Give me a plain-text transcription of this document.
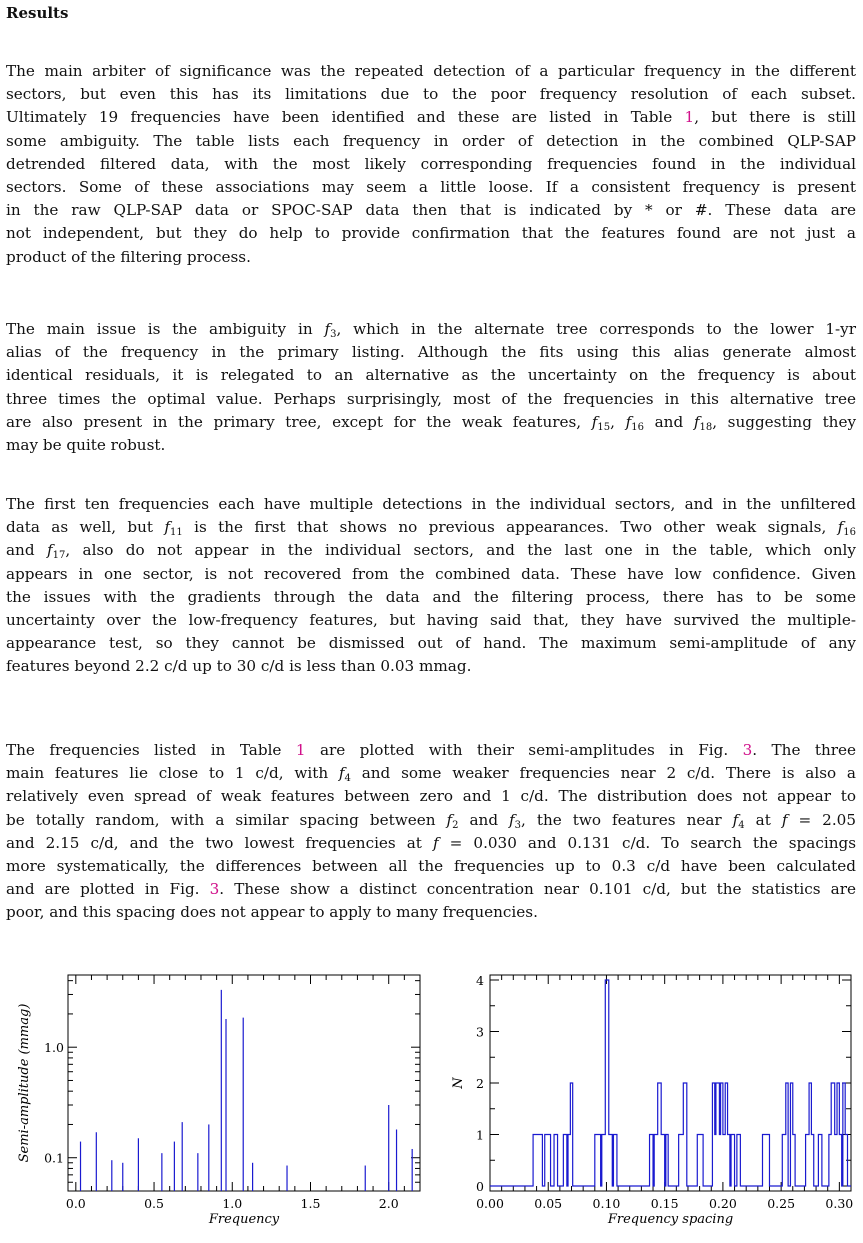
Results
The main arbiter of significance was the repeated detection of a particular frequency in the different
sectors, but even this has its limitations due to the poor frequency resolution of each subset.
Ultimately 19 frequencies have been identified and these are listed in Table 1, but there is still
some ambiguity. The table lists each frequency in order of detection in the combined QLP-SAP
detrended filtered data, with the most likely corresponding frequencies found in the individual
sectors. Some of these associations may seem a little loose. If a consistent frequency is present
in the raw QLP-SAP data or SPOC-SAP data then that is indicated by * or #. These data are
not independent, but they do help to provide confirmation that the features found are not just a
product of the filtering process.
The main issue is the ambiguity in $f_3$, which in the alternate tree corresponds to the lower 1-yr
alias of the frequency in the primary listing. Although the fits using this alias generate almost
identical residuals, it is relegated to an alternative as the uncertainty on the frequency is about
three times the optimal value. Perhaps surprisingly, most of the frequencies in this alternative tree
are also present in the primary tree, except for the weak features, $f_{15}$, $f_{16}$ and $f_{18}$, suggesting they
may be quite robust.
The first ten frequencies each have multiple detections in the individual sectors, and in the unfiltered
data as well, but $f_{11}$ is the first that shows no previous appearances. Two other weak signals, $f_{16}$
and $f_{17}$, also do not appear in the individual sectors, and the last one in the table, which only
appears in one sector, is not recovered from the combined data. These have low confidence. Given
the issues with the gradients through the data and the filtering process, there has to be some
uncertainty over the low-frequency features, but having said that, they have survived the multiple-
appearance test, so they cannot be dismissed out of hand. The maximum semi-amplitude of any
features beyond 2.2 c/d up to 30 c/d is less than 0.03 mmag.
The frequencies listed in Table 1 are plotted with their semi-amplitudes in Fig. 3. The three
main features lie close to 1 c/d, with $f_4$ and some weaker frequencies near 2 c/d. There is also a
relatively even spread of weak features between zero and 1 c/d. The distribution does not appear to
be totally random, with a similar spacing between $f_2$ and $f_3$, the two features near $f_4$ at f = 2.05
and 2.15 c/d, and the two lowest frequencies at f = 0.030 and 0.131 c/d. To search the spacings
more systematically, the differences between all the frequencies up to 0.3 c/d have been calculated
and are plotted in Fig. 3. These show a distinct concentration near 0.101 c/d, but the statistics are
poor, and this spacing does not appear to apply to many frequencies.
0.0	0.5	1.0	1.5	2.0
0.1
1.0
Frequency
Semi-amplitude (mmag)
0.00 0.05 0.10 0.15 0.20 0.25 0.30
0
1
2
3
4
Frequency spacing
N
